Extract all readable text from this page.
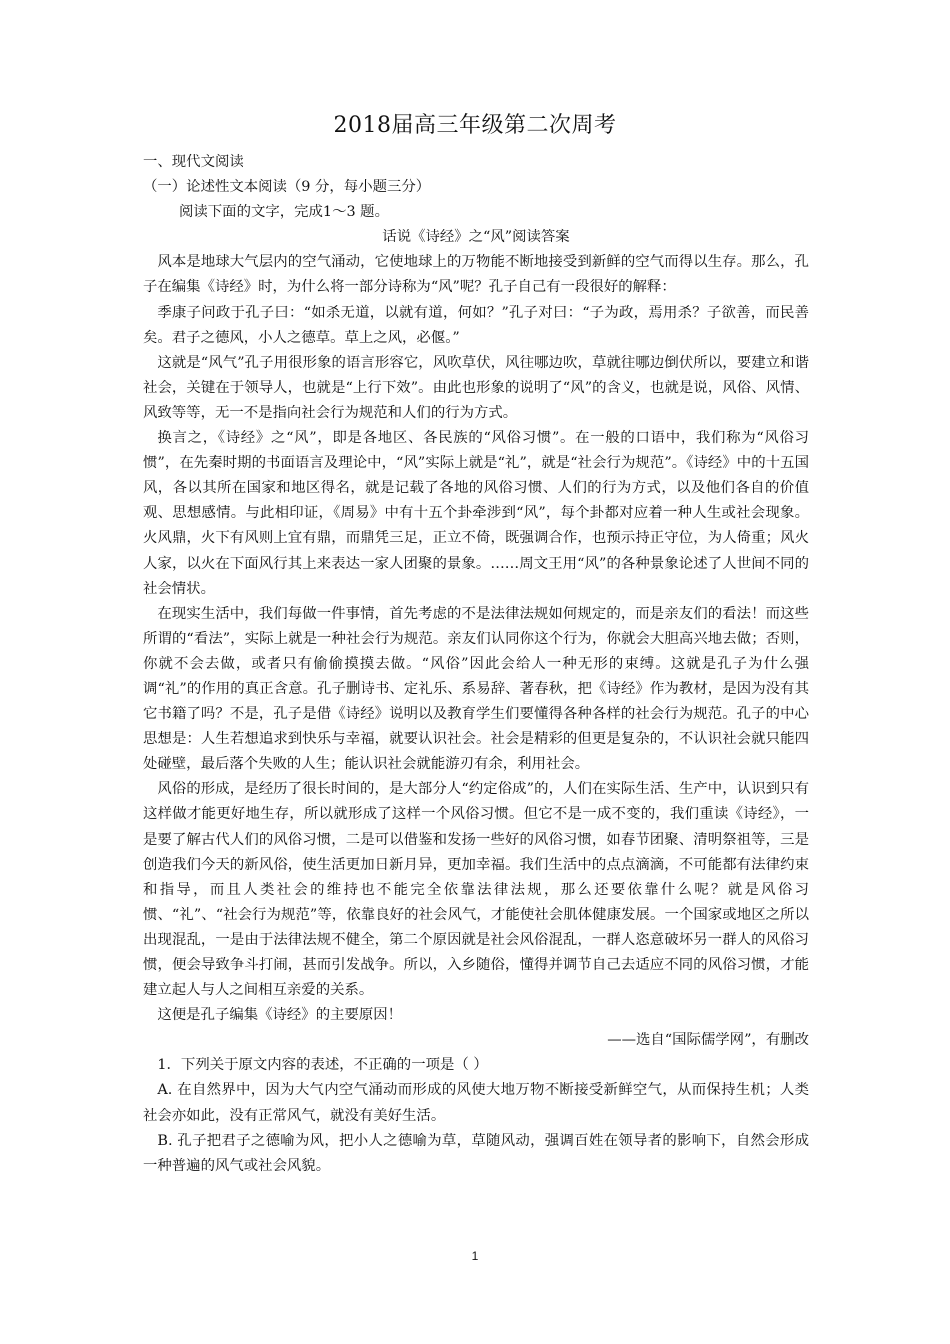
2018届高三年级第二次周考
一、现代文阅读
（一）论述性文本阅读（9 分，每小题三分）
阅读下面的文字，完成1～3 题。
话说《诗经》之“风”阅读答案
风本是地球大气层内的空气涌动，它使地球上的万物能不断地接受到新鲜的空气而得以生存。那么，孔子在编集《诗经》时，为什么将一部分诗称为“风”呢？孔子自己有一段很好的解释：
季康子问政于孔子曰：“如杀无道，以就有道，何如？”孔子对曰：“子为政，焉用杀？子欲善，而民善矣。君子之德风，小人之德草。草上之风，必偃。”
这就是“风气”孔子用很形象的语言形容它，风吹草伏，风往哪边吹，草就往哪边倒伏所以，要建立和谐社会，关键在于领导人，也就是“上行下效”。由此也形象的说明了“风”的含义，也就是说，风俗、风情、风致等等，无一不是指向社会行为规范和人们的行为方式。
换言之，《诗经》之“风”，即是各地区、各民族的“风俗习惯”。在一般的口语中，我们称为“风俗习惯”，在先秦时期的书面语言及理论中，“风”实际上就是“礼”，就是“社会行为规范”。《诗经》中的十五国风，各以其所在国家和地区得名，就是记载了各地的风俗习惯、人们的行为方式，以及他们各自的价值观、思想感情。与此相印证，《周易》中有十五个卦牵涉到“风”，每个卦都对应着一种人生或社会现象。火风鼎，火下有风则上宜有鼎，而鼎凭三足，正立不倚，既强调合作，也预示持正守位，为人倚重；风火人家，以火在下面风行其上来表达一家人团聚的景象。……周文王用“风”的各种景象论述了人世间不同的社会情状。
在现实生活中，我们每做一件事情，首先考虑的不是法律法规如何规定的，而是亲友们的看法！而这些所谓的“看法”，实际上就是一种社会行为规范。亲友们认同你这个行为，你就会大胆高兴地去做；否则，你就不会去做，或者只有偷偷摸摸去做。“风俗”因此会给人一种无形的束缚。这就是孔子为什么强调“礼”的作用的真正含意。孔子删诗书、定礼乐、系易辞、著春秋，把《诗经》作为教材，是因为没有其它书籍了吗？不是，孔子是借《诗经》说明以及教育学生们要懂得各种各样的社会行为规范。孔子的中心思想是：人生若想追求到快乐与幸福，就要认识社会。社会是精彩的但更是复杂的，不认识社会就只能四处碰壁，最后落个失败的人生；能认识社会就能游刃有余，利用社会。
风俗的形成，是经历了很长时间的，是大部分人“约定俗成”的，人们在实际生活、生产中，认识到只有这样做才能更好地生存，所以就形成了这样一个风俗习惯。但它不是一成不变的，我们重读《诗经》，一是要了解古代人们的风俗习惯，二是可以借鉴和发扬一些好的风俗习惯，如春节团聚、清明祭祖等，三是创造我们今天的新风俗，使生活更加日新月异，更加幸福。我们生活中的点点滴滴，不可能都有法律约束和指导，而且人类社会的维持也不能完全依靠法律法规，那么还要依靠什么呢？就是风俗习惯、“礼”、“社会行为规范”等，依靠良好的社会风气，才能使社会肌体健康发展。一个国家或地区之所以出现混乱，一是由于法律法规不健全，第二个原因就是社会风俗混乱，一群人恣意破坏另一群人的风俗习惯，便会导致争斗打闹，甚而引发战争。所以，入乡随俗，懂得并调节自己去适应不同的风俗习惯，才能建立起人与人之间相互亲爱的关系。
这便是孔子编集《诗经》的主要原因！
——选自“国际儒学网”，有删改
1．下列关于原文内容的表述，不正确的一项是（ ）
A. 在自然界中，因为大气内空气涌动而形成的风使大地万物不断接受新鲜空气，从而保持生机；人类社会亦如此，没有正常风气，就没有美好生活。
B. 孔子把君子之德喻为风，把小人之德喻为草，草随风动，强调百姓在领导者的影响下，自然会形成一种普遍的风气或社会风貌。
1
